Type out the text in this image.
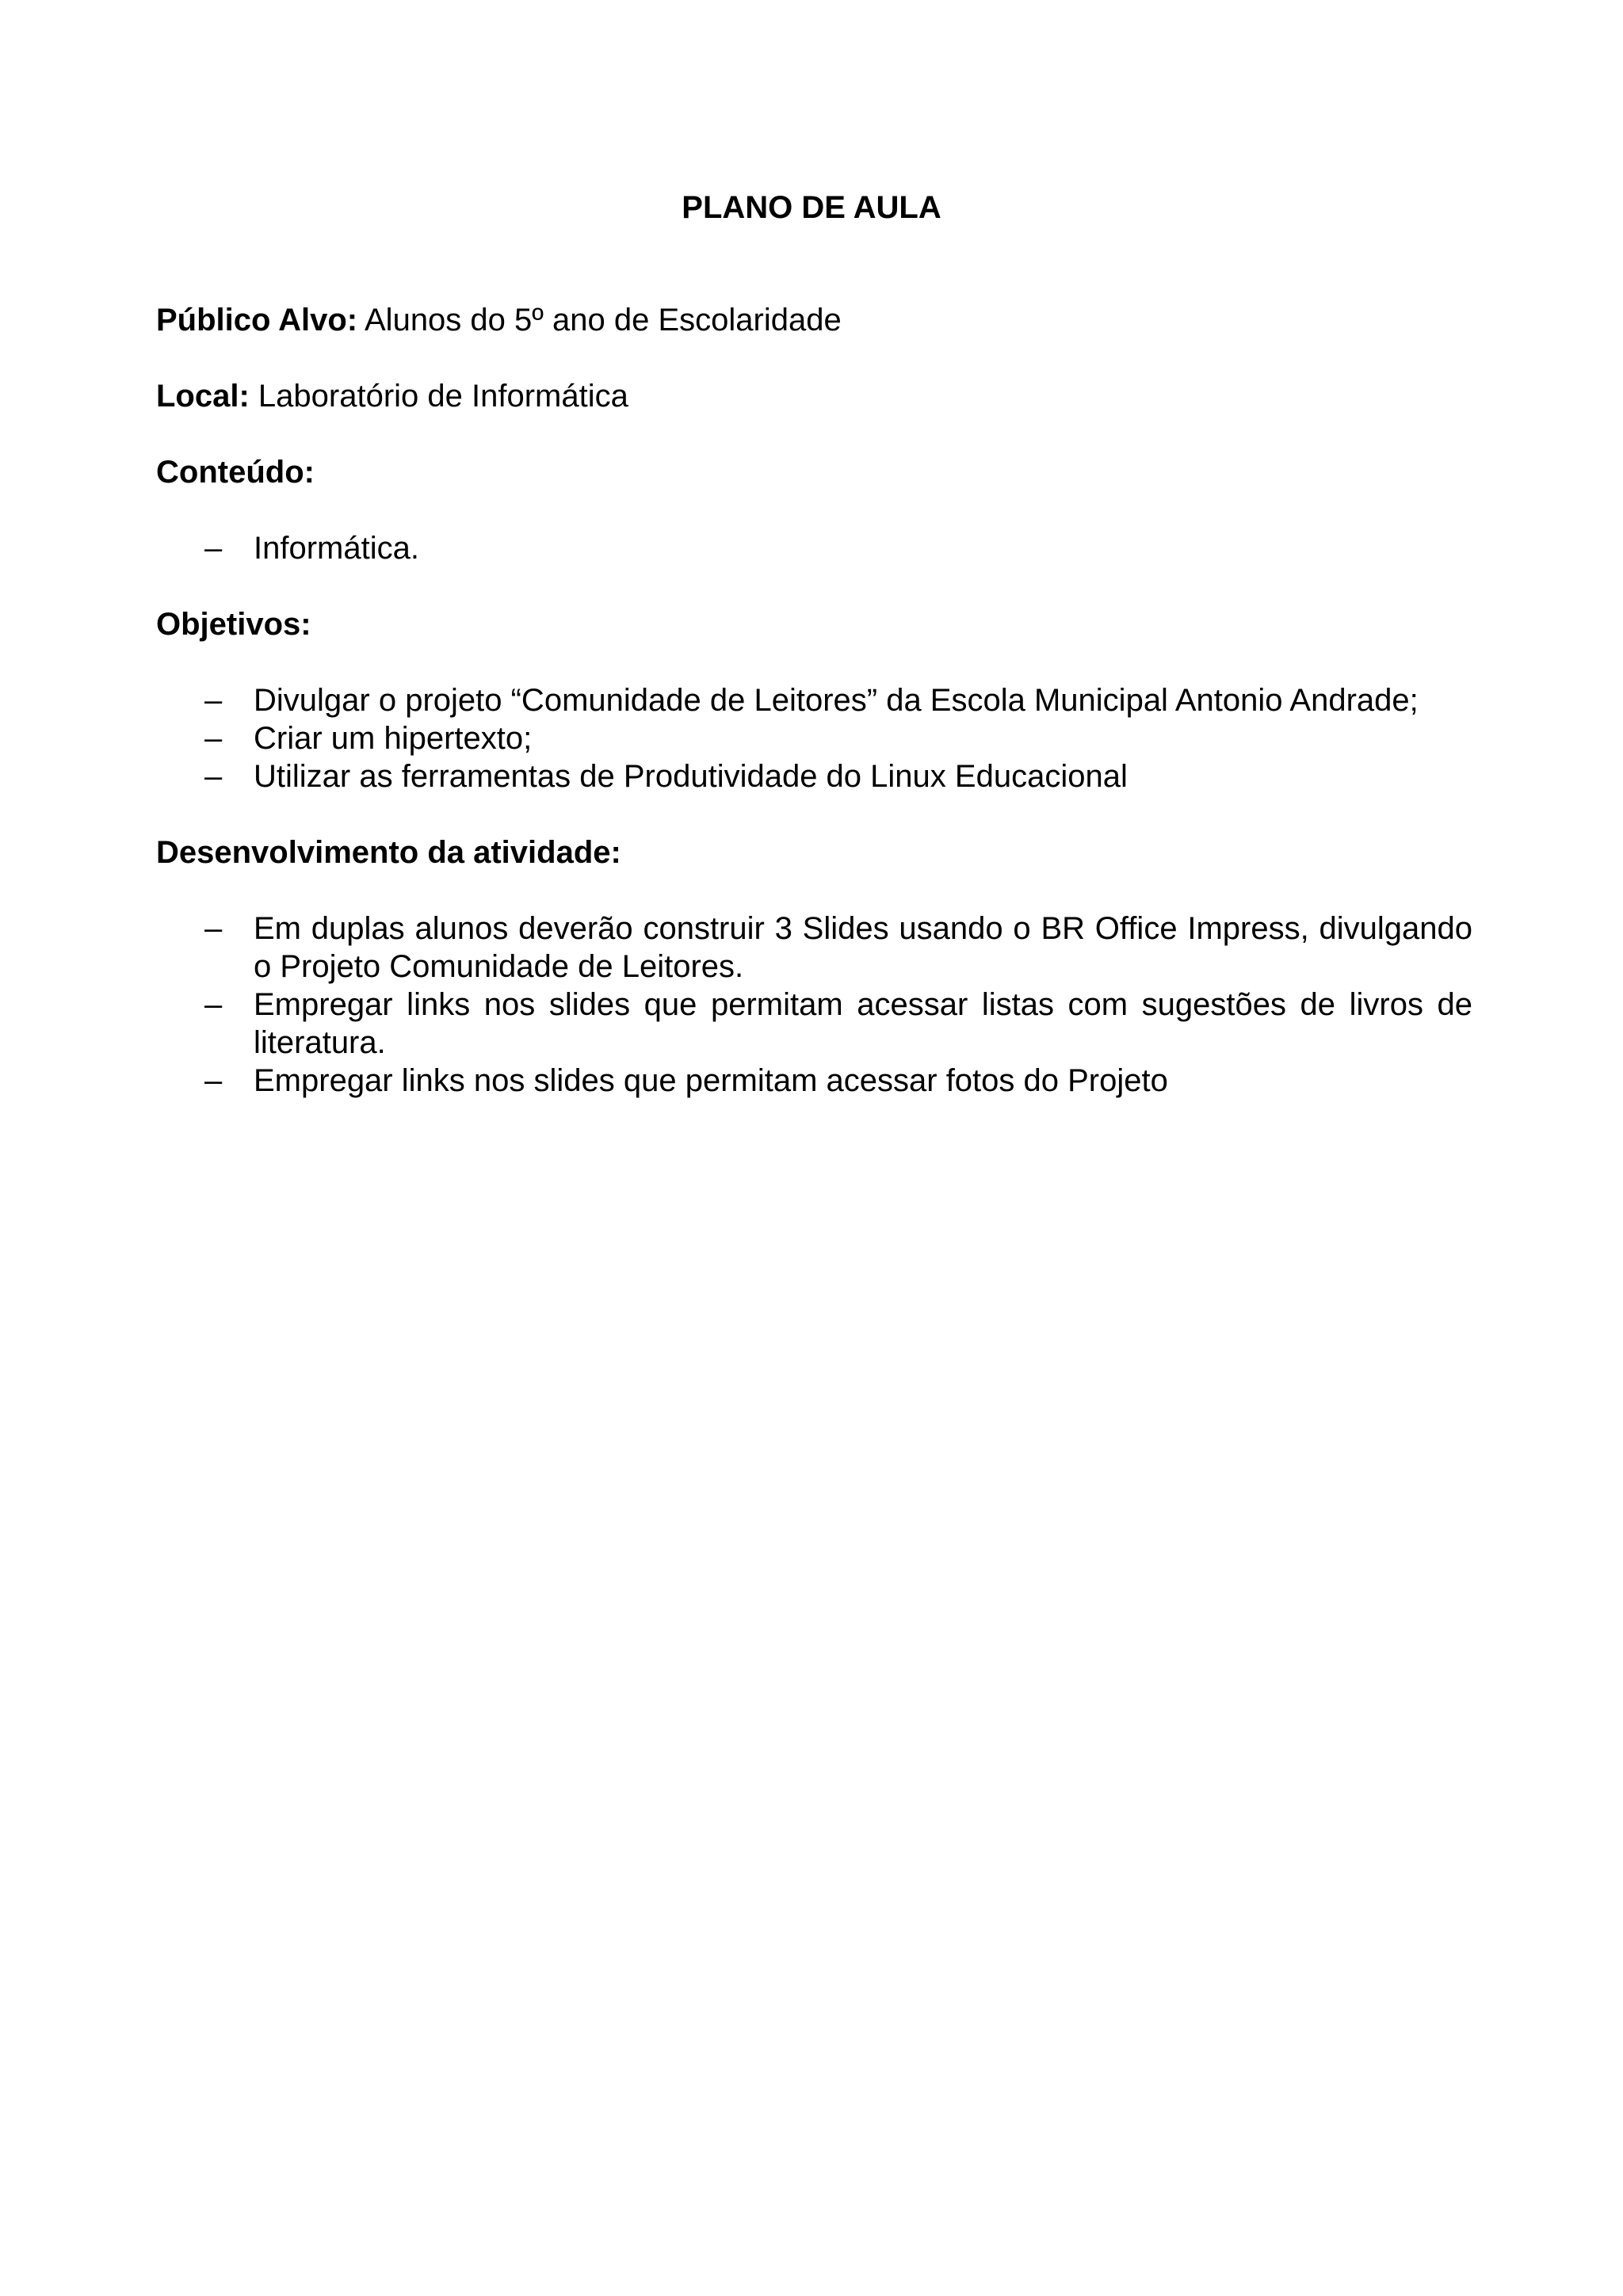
PLANO DE AULA
Público Alvo: Alunos do 5º ano de Escolaridade
Local: Laboratório de Informática
Conteúdo:
– Informática.
Objetivos:
– Divulgar o projeto “Comunidade de Leitores” da Escola Municipal Antonio Andrade;
– Criar um hipertexto;
– Utilizar as ferramentas de Produtividade do Linux Educacional
Desenvolvimento da atividade:
– Em duplas alunos deverão construir 3 Slides usando o BR Office Impress, divulgando o Projeto Comunidade de Leitores.
– Empregar links nos slides que permitam acessar listas com sugestões de livros de literatura.
– Empregar links nos slides que permitam acessar fotos do Projeto
